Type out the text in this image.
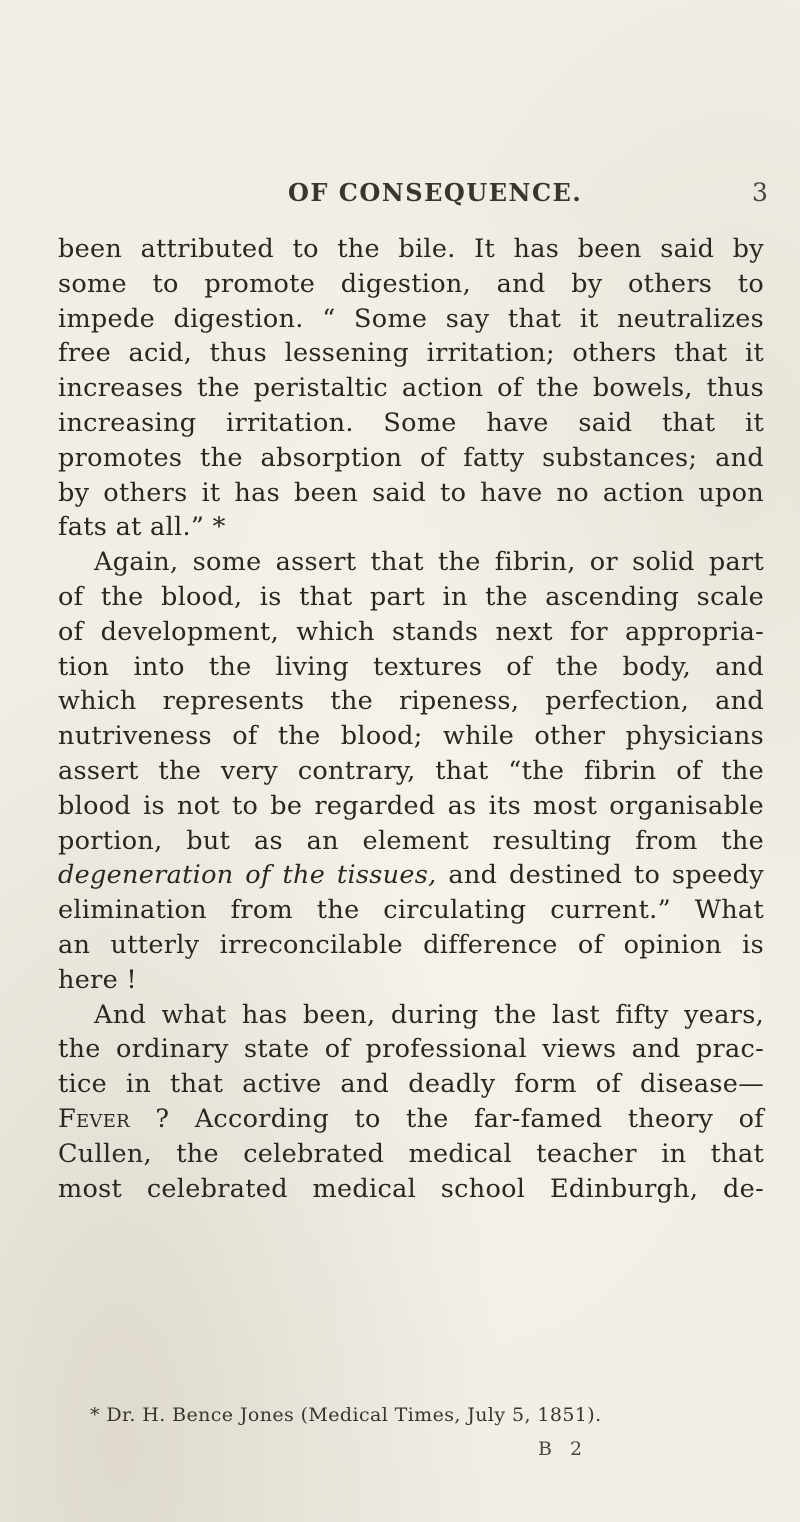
OF CONSEQUENCE.	3
been attributed to the bile. It has been said by
some to promote digestion, and by others to
impede digestion. “ Some say that it neutralizes
free acid, thus lessening irritation; others that it
increases the peristaltic action of the bowels, thus
increasing irritation. Some have said that it
promotes the absorption of fatty substances; and
by others it has been said to have no action upon
fats at all.” *
Again, some assert that the fibrin, or solid part
of the blood, is that part in the ascending scale
of development, which stands next for appropria-
tion into the living textures of the body, and
which represents the ripeness, perfection, and
nutriveness of the blood; while other physicians
assert the very contrary, that “the fibrin of the
blood is not to be regarded as its most organisable
portion, but as an element resulting from the
degeneration of the tissues, and destined to speedy
elimination from the circulating current.” What
an utterly irreconcilable difference of opinion is
here !
And what has been, during the last fifty years,
the ordinary state of professional views and prac-
tice in that active and deadly form of disease—
Fever ? According to the far-famed theory of
Cullen, the celebrated medical teacher in that
most celebrated medical school Edinburgh, de-
* Dr. H. Bence Jones (Medical Times, July 5, 1851).
B 2
